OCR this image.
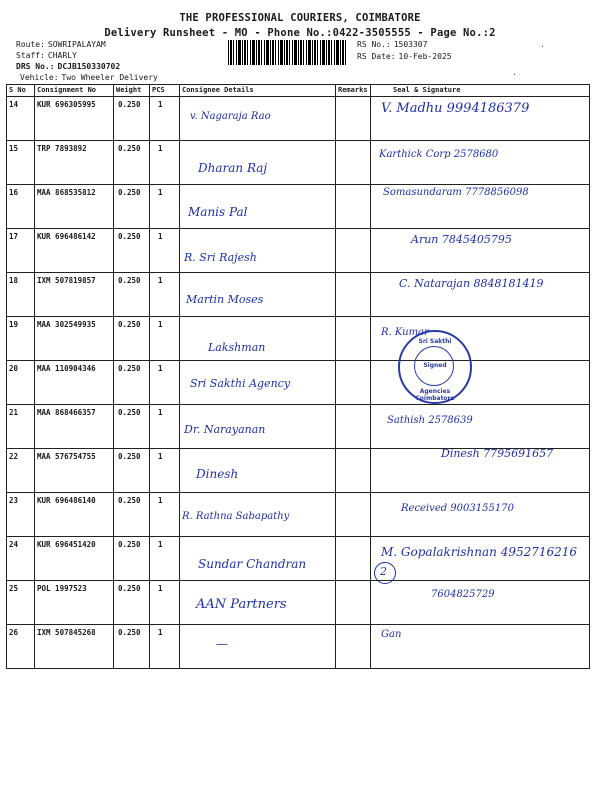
THE PROFESSIONAL COURIERS, COIMBATORE
Delivery Runsheet - MO - Phone No.:0422-3505555 - Page No.:2
Route: SOWRIPALAYAM
Staff: CHARLY
DRS No.: DCJB150330702
Vehicle: Two Wheeler Delivery
RS No.: 1503307
RS Date: 10-Feb-2025
·
·
S No	Consignment No	Weight	PCS	Consignee Details	Remarks	Seal & Signature
14	KUR 696305995	0.250	1	v. Nagaraja Rao		V. Madhu 9994186379

15	TRP 7893892	0.250	1	Dharan Raj		Karthick Corp 2578680

16	MAA 868535812	0.250	1	Manis Pal		Somasundaram 7778856098

17	KUR 696486142	0.250	1	R. Sri Rajesh		Arun 7845405795

18	IXM 507819857	0.250	1	Martin Moses		C. Natarajan 8848181419

19	MAA 302549935	0.250	1	Lakshman		R. Kumar

20	MAA 110904346	0.250	1	Sri Sakthi Agency		

21	MAA 868466357	0.250	1	Dr. Narayanan		Sathish 2578639

22	MAA 576754755	0.250	1	Dinesh		Dinesh 7795691657

23	KUR 696486140	0.250	1	R. Rathna Sabapathy		Received 9003155170

24	KUR 696451420	0.250	1	Sundar Chandran		M. Gopalakrishnan 4952716216

25	POL 1997523	0.250	1	AAN Partners		7604825729

26	IXM 507845268	0.250	1	—		Gan
Sri Sakthi
Signed
Agencies Coimbatore
2
